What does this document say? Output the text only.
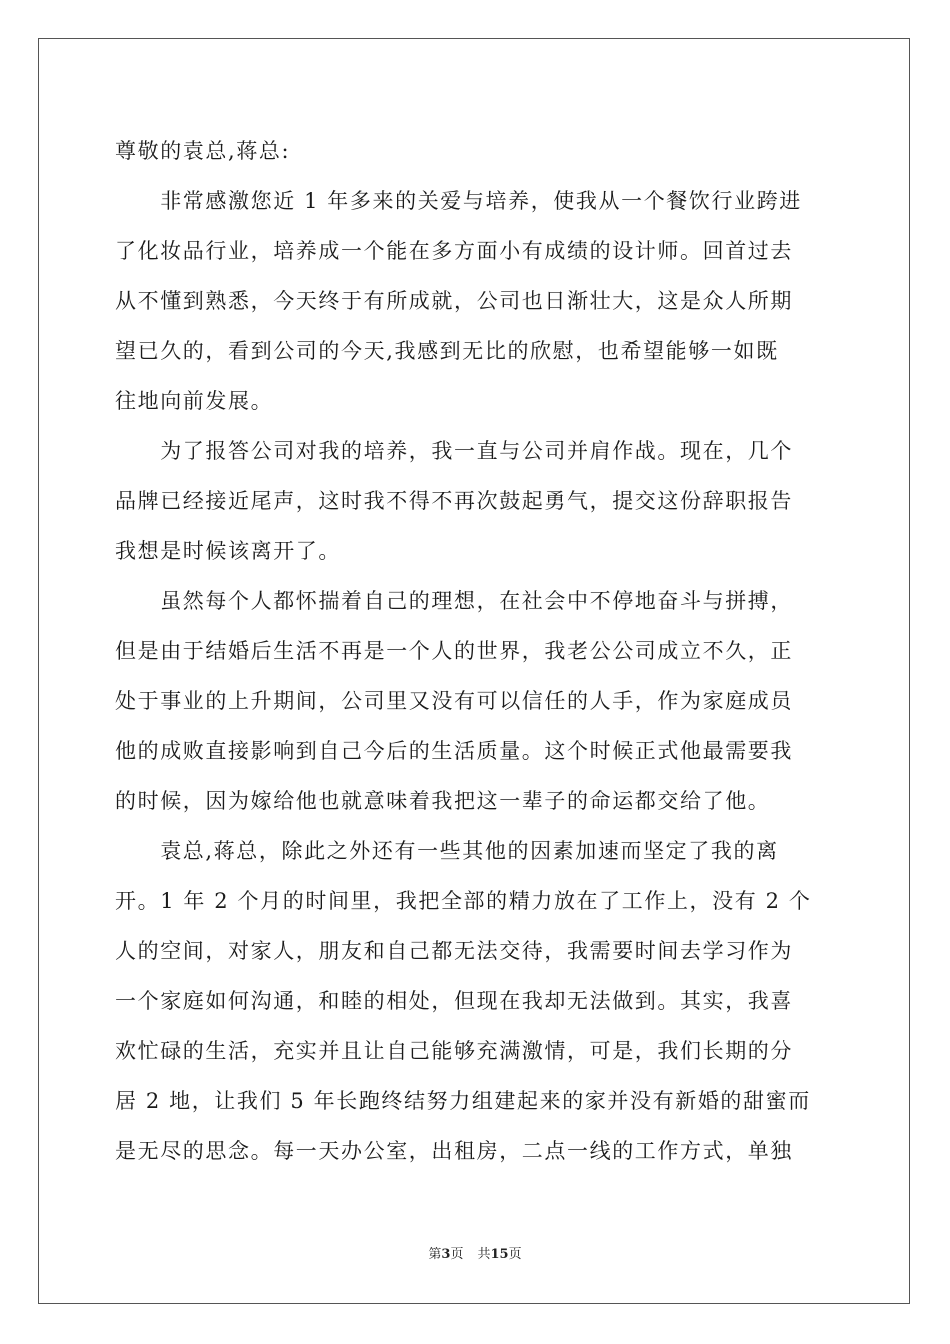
尊敬的袁总,蒋总:
　　非常感激您近 1 年多来的关爱与培养，使我从一个餐饮行业跨进
了化妆品行业，培养成一个能在多方面小有成绩的设计师。回首过去
从不懂到熟悉，今天终于有所成就，公司也日渐壮大，这是众人所期
望已久的，看到公司的今天,我感到无比的欣慰，也希望能够一如既
往地向前发展。
　　为了报答公司对我的培养，我一直与公司并肩作战。现在，几个
品牌已经接近尾声，这时我不得不再次鼓起勇气，提交这份辞职报告
我想是时候该离开了。
　　虽然每个人都怀揣着自己的理想，在社会中不停地奋斗与拼搏，
但是由于结婚后生活不再是一个人的世界，我老公公司成立不久，正
处于事业的上升期间，公司里又没有可以信任的人手，作为家庭成员
他的成败直接影响到自己今后的生活质量。这个时候正式他最需要我
的时候，因为嫁给他也就意味着我把这一辈子的命运都交给了他。
　　袁总,蒋总，除此之外还有一些其他的因素加速而坚定了我的离
开。1 年 2 个月的时间里，我把全部的精力放在了工作上，没有 2 个
人的空间，对家人，朋友和自己都无法交待，我需要时间去学习作为
一个家庭如何沟通，和睦的相处，但现在我却无法做到。其实，我喜
欢忙碌的生活，充实并且让自己能够充满激情，可是，我们长期的分
居 2 地，让我们 5 年长跑终结努力组建起来的家并没有新婚的甜蜜而
是无尽的思念。每一天办公室，出租房，二点一线的工作方式，单独
第3页 共15页
